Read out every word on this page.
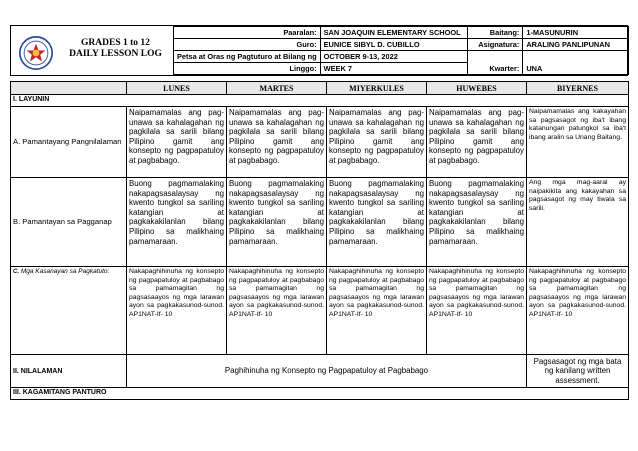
GRADES 1 to 12
DAILY LESSON LOG
Paaralan:	SAN JOAQUIN ELEMENTARY SCHOOL	Baitang:	1-MASUNURIN
Guro:	EUNICE SIBYL D. CUBILLO	Asignatura:	ARALING PANLIPUNAN
Petsa at Oras ng Pagtuturo at Bilang ng	OCTOBER 9-13, 2022		
Linggo:	WEEK 7	Kwarter:	UNA
	LUNES	MARTES	MIYERKULES	HUWEBES	BIYERNES
I. LAYUNIN					
A. Pamantayang Pangnilalaman	Naipamamalas ang pag-unawa sa kahalagahan ng pagkilala sa sarili bilang Pilipino gamit ang konsepto ng pagpapatuloy at pagbabago.	Naipamamalas ang pag-unawa sa kahalagahan ng pagkilala sa sarili bilang Pilipino gamit ang konsepto ng pagpapatuloy at pagbabago.	Naipamamalas ang pag-unawa sa kahalagahan ng pagkilala sa sarili bilang Pilipino gamit ang konsepto ng pagpapatuloy at pagbabago.	Naipamamalas ang pag-unawa sa kahalagahan ng pagkilala sa sarili bilang Pilipino gamit ang konsepto ng pagpapatuloy at pagbabago.	Naipamamalas ang kakayahan sa pagsasagot ng iba't ibang katanungan patungkol sa iba't ibang aralin sa Unang Baitang.
B. Pamantayan sa Pagganap	Buong pagmamalaking nakapagsasalaysay ng kwento tungkol sa sariling katangian at pagkakakilanlan bilang Pilipino sa malikhaing pamamaraan.	Buong pagmamalaking nakapagsasalaysay ng kwento tungkol sa sariling katangian at pagkakakilanlan bilang Pilipino sa malikhaing pamamaraan.	Buong pagmamalaking nakapagsasalaysay ng kwento tungkol sa sariling katangian at pagkakakilanlan bilang Pilipino sa malikhaing pamamaraan.	Buong pagmamalaking nakapagsasalaysay ng kwento tungkol sa sariling katangian at pagkakakilanlan bilang Pilipino sa malikhaing pamamaraan.	Ang mga mag-aaral ay naipakikita ang kakayahan sa pagsasagot ng may tiwala sa sarili.
C. Mga Kasanayan sa Pagkatuto:	Nakapaghihinuha ng konsepto ng pagpapatuloy at pagbabago sa pamamagitan ng pagsasaayos ng mga larawan ayon sa pagkakasunod-sunod. AP1NAT-If- 10	Nakapaghihinuha ng konsepto ng pagpapatuloy at pagbabago sa pamamagitan ng pagsasaayos ng mga larawan ayon sa pagkakasunod-sunod. AP1NAT-If- 10	Nakapaghihinuha ng konsepto ng pagpapatuloy at pagbabago sa pamamagitan ng pagsasaayos ng mga larawan ayon sa pagkakasunod-sunod. AP1NAT-If- 10	Nakapaghihinuha ng konsepto ng pagpapatuloy at pagbabago sa pamamagitan ng pagsasaayos ng mga larawan ayon sa pagkakasunod-sunod. AP1NAT-If- 10	Nakapaghihinuha ng konsepto ng pagpapatuloy at pagbabago sa pamamagitan ng pagsasaayos ng mga larawan ayon sa pagkakasunod-sunod. AP1NAT-If- 10
II. NILALAMAN	Paghihinuha ng Konsepto ng Pagpapatuloy at Pagbabago				Pagsasagot ng mga bata ng kanilang written assessment.
III. KAGAMITANG PANTURO					
